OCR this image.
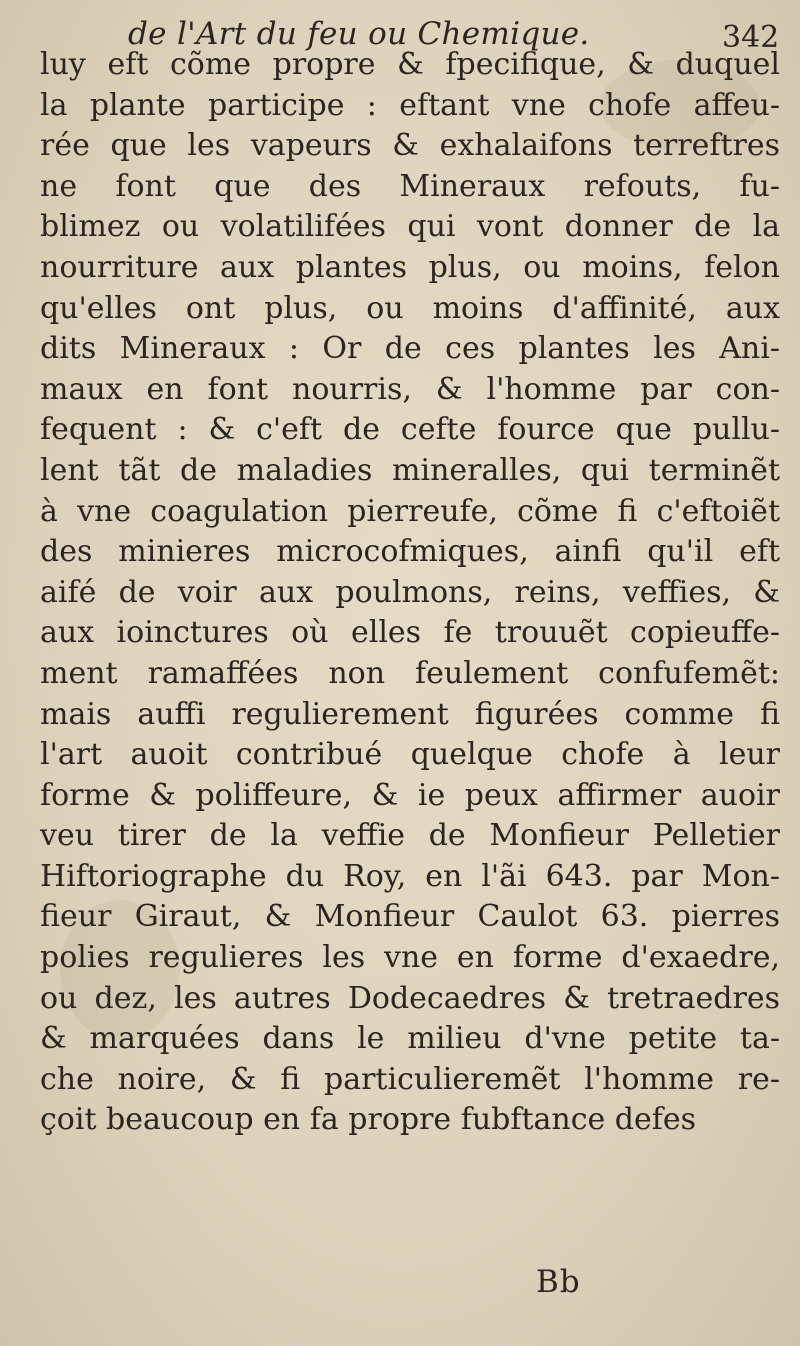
de l'Art du feu ou Chemique.	342
luy eft cõme propre & fpecifique, & duquel
la plante participe : eftant vne chofe affeu-
rée que les vapeurs & exhalaifons terreftres
ne font que des Mineraux refouts, fu-
blimez ou volatilifées qui vont donner de la
nourriture aux plantes plus, ou moins, felon
qu'elles ont plus, ou moins d'affinité, aux
dits Mineraux : Or de ces plantes les Ani-
maux en font nourris, & l'homme par con-
fequent : & c'eft de cefte fource que pullu-
lent tãt de maladies mineralles, qui terminẽt
à vne coagulation pierreufe, cõme fi c'eftoiẽt
des minieres microcofmiques, ainfi qu'il eft
aifé de voir aux poulmons, reins, veffies, &
aux ioinctures où elles fe trouuẽt copieuffe-
ment ramaffées non feulement confufemẽt:
mais auffi regulierement figurées comme fi
l'art auoit contribué quelque chofe à leur
forme & poliffeure, & ie peux affirmer auoir
veu tirer de la veffie de Monfieur Pelletier
Hiftoriographe du Roy, en l'ãi 643. par Mon-
fieur Giraut, & Monfieur Caulot 63. pierres
polies regulieres les vne en forme d'exaedre,
ou dez, les autres Dodecaedres & tretraedres
& marquées dans le milieu d'vne petite ta-
che noire, & fi particulieremẽt l'homme re-
çoit beaucoup en fa propre fubftance defes
Bb
